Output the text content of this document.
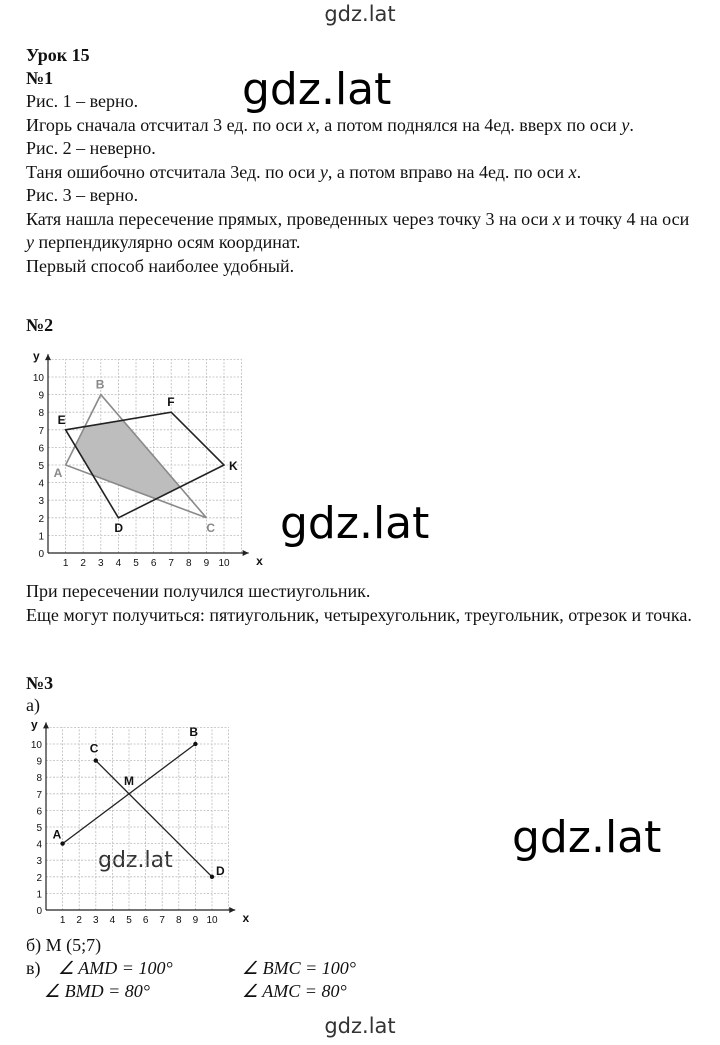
gdz.lat
gdz.lat
gdz.lat
gdz.lat
gdz.lat
gdz.lat
Урок 15
№1

Рис. 1 – верно.

Игорь сначала отсчитал 3 ед. по оси x, а потом поднялся на 4ед. вверх по оси y.

Рис. 2 – неверно.

Таня ошибочно отсчитала 3ед. по оси y, а потом вправо на 4ед. по оси x.

Рис. 3 – верно.

Катя нашла пересечение прямых, проведенных через точку 3 на оси x и точку 4 на оси y перпендикулярно осям координат.

Первый способ наиболее удобный.

№2
1 2 3 4 5 6 7 8 9 10
1
2
3
4
5
6
7
8
9
10
0	x
y
E
F
K
D
A
B
C

При пересечении получился шестиугольник.

Еще могут получиться: пятиугольник, четырехугольник, треугольник, отрезок и точка.

№3
а)
1 2 3 4 5 6 7 8 9 10
1
2
3
4
5
6
7
8
9
10
0	x
y
A
B
C
D
M
б) M (5;7)
в) ∠ AMD = 100°	∠ BMC = 100°
∠ BMD = 80°	∠ AMC = 80°
